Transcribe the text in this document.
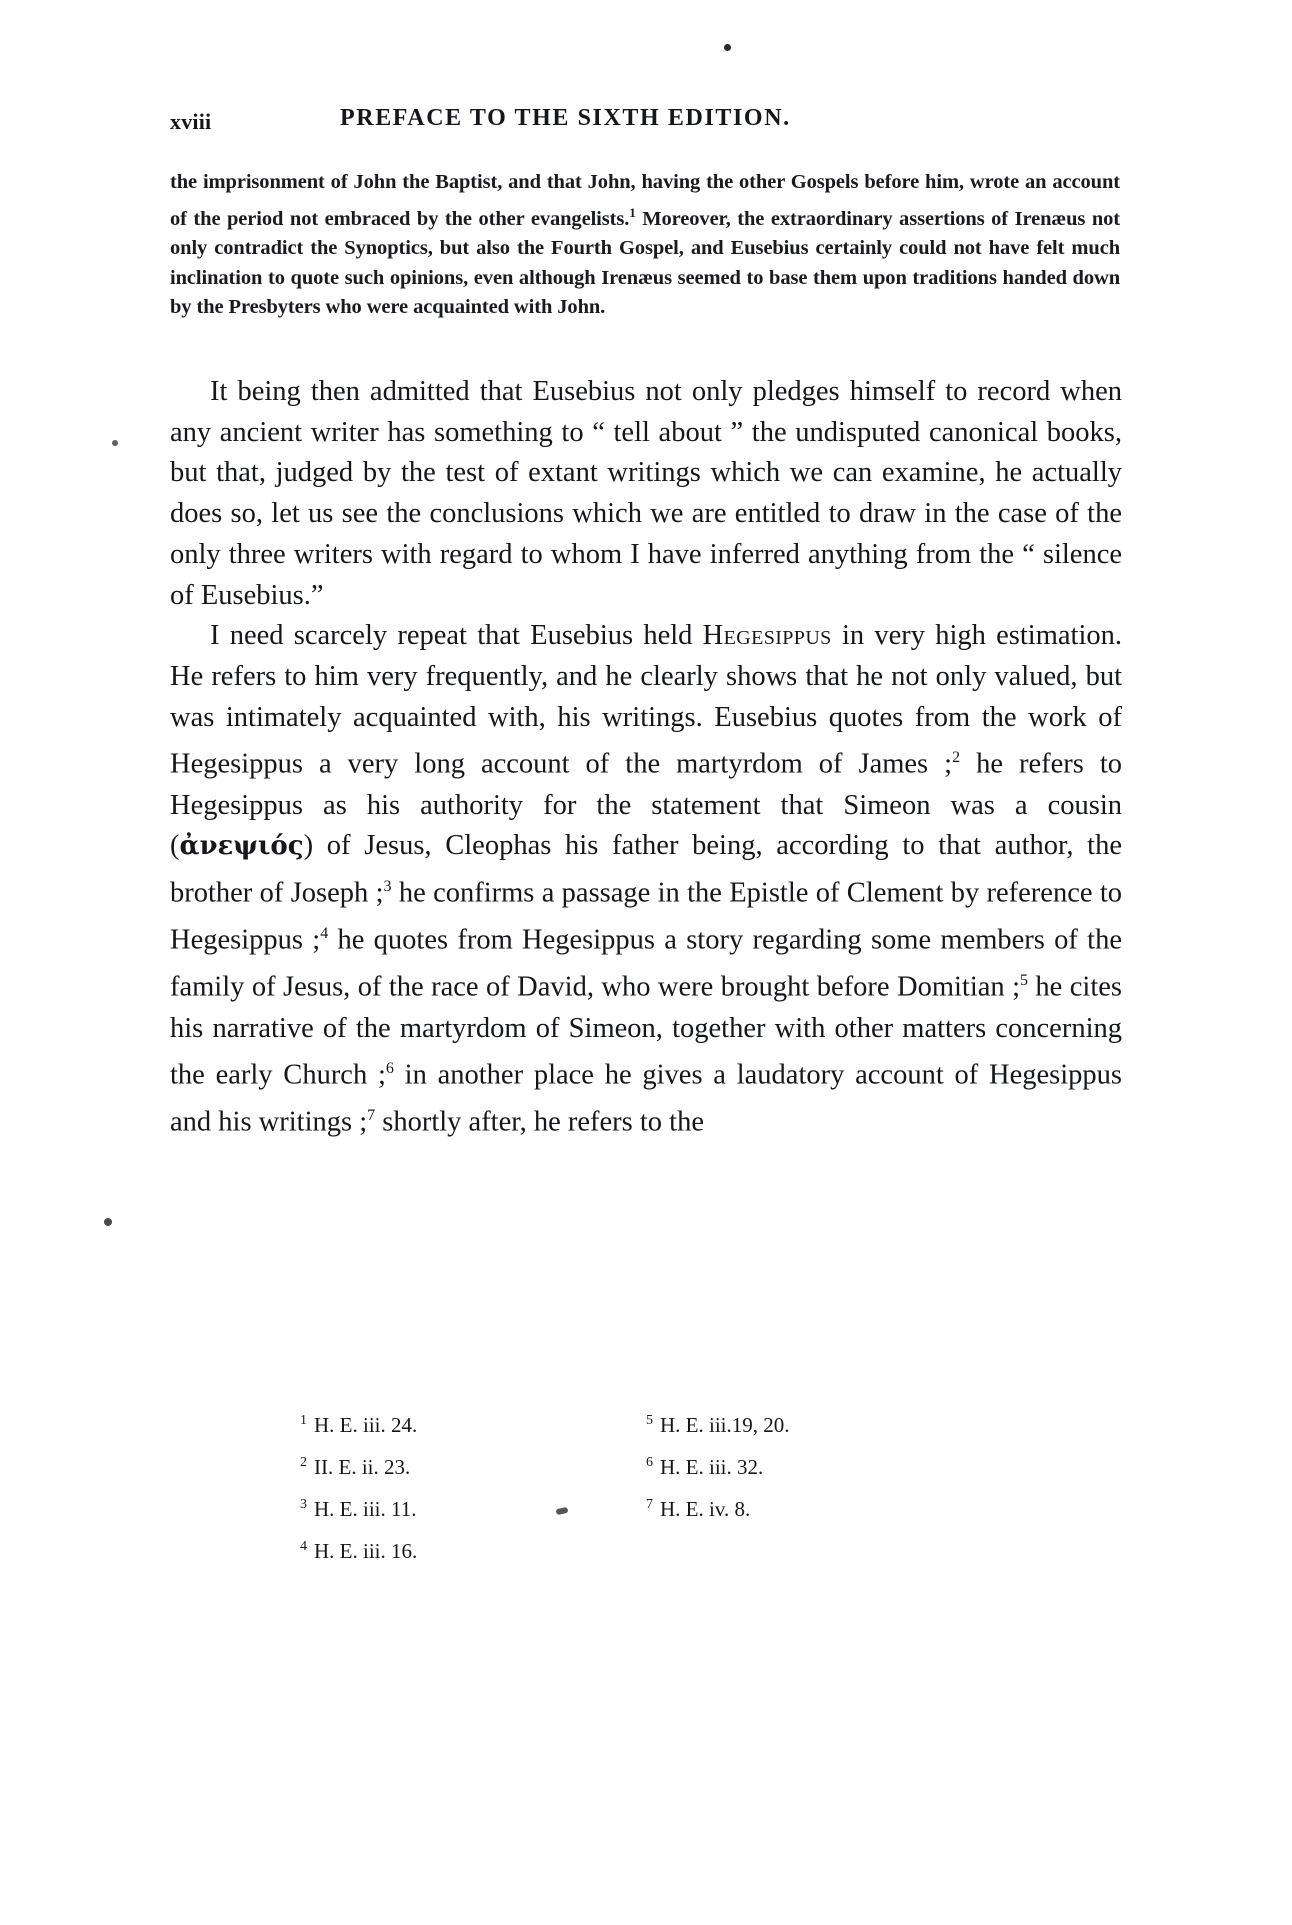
xviii	PREFACE TO THE SIXTH EDITION.
the imprisonment of John the Baptist, and that John, having the other Gospels before him, wrote an account of the period not embraced by the other evangelists.$^1$ Moreover, the extraordinary assertions of Irenæus not only contradict the Synoptics, but also the Fourth Gospel, and Eusebius certainly could not have felt much inclination to quote such opinions, even although Irenæus seemed to base them upon traditions handed down by the Presbyters who were acquainted with John.

It being then admitted that Eusebius not only pledges himself to record when any ancient writer has something to “ tell about ” the undisputed canonical books, but that, judged by the test of extant writings which we can examine, he actually does so, let us see the conclusions which we are entitled to draw in the case of the only three writers with regard to whom I have inferred anything from the “ silence of Eusebius.”

I need scarcely repeat that Eusebius held Hegesippus in very high estimation. He refers to him very frequently, and he clearly shows that he not only valued, but was intimately acquainted with, his writings. Eusebius quotes from the work of Hegesippus a very long account of the martyrdom of James ;$^2$ he refers to Hegesippus as his authority for the statement that Simeon was a cousin (ἀνεψιός) of Jesus, Cleophas his father being, according to that author, the brother of Joseph ;$^3$ he confirms a passage in the Epistle of Clement by reference to Hegesippus ;$^4$ he quotes from Hegesippus a story regarding some members of the family of Jesus, of the race of David, who were brought before Domitian ;$^5$ he cites his narrative of the martyrdom of Simeon, together with other matters concerning the early Church ;$^6$ in another place he gives a laudatory account of Hegesippus and his writings ;$^7$ shortly after, he refers to the

$^1$ H. E. iii. 24.
$^2$ II. E. ii. 23.
$^3$ H. E. iii. 11.
$^4$ H. E. iii. 16.
$^5$ H. E. iii.19, 20.
$^6$ H. E. iii. 32.
$^7$ H. E. iv. 8.
